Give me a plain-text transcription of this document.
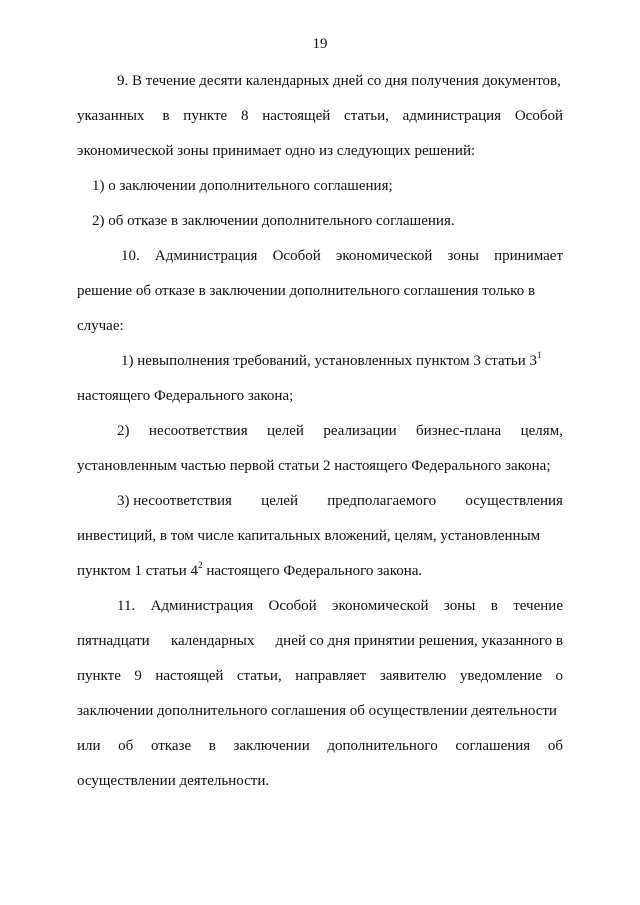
19
9. В течение десяти календарных дней со дня получения документов,
указанных в пункте 8 настоящей статьи, администрация Особой
экономической зоны принимает одно из следующих решений:
1) о заключении дополнительного соглашения;
2) об отказе в заключении дополнительного соглашения.
10. Администрация Особой экономической зоны принимает
решение об отказе в заключении дополнительного соглашения только в
случае:
1) невыполнения требований, установленных пунктом 3 статьи $3^1$
настоящего Федерального закона;
2) несоответствия целей реализации бизнес-плана целям,
установленным частью первой статьи 2 настоящего Федерального закона;
3) несоответствия целей предполагаемого осуществления
инвестиций, в том числе капитальных вложений, целям, установленным
пунктом 1 статьи $4^2$ настоящего Федерального закона.
11. Администрация Особой экономической зоны в течение
пятнадцати календарных дней со дня принятии решения, указанного в
пункте 9 настоящей статьи, направляет заявителю уведомление о
заключении дополнительного соглашения об осуществлении деятельности
или об отказе в заключении дополнительного соглашения об
осуществлении деятельности.
